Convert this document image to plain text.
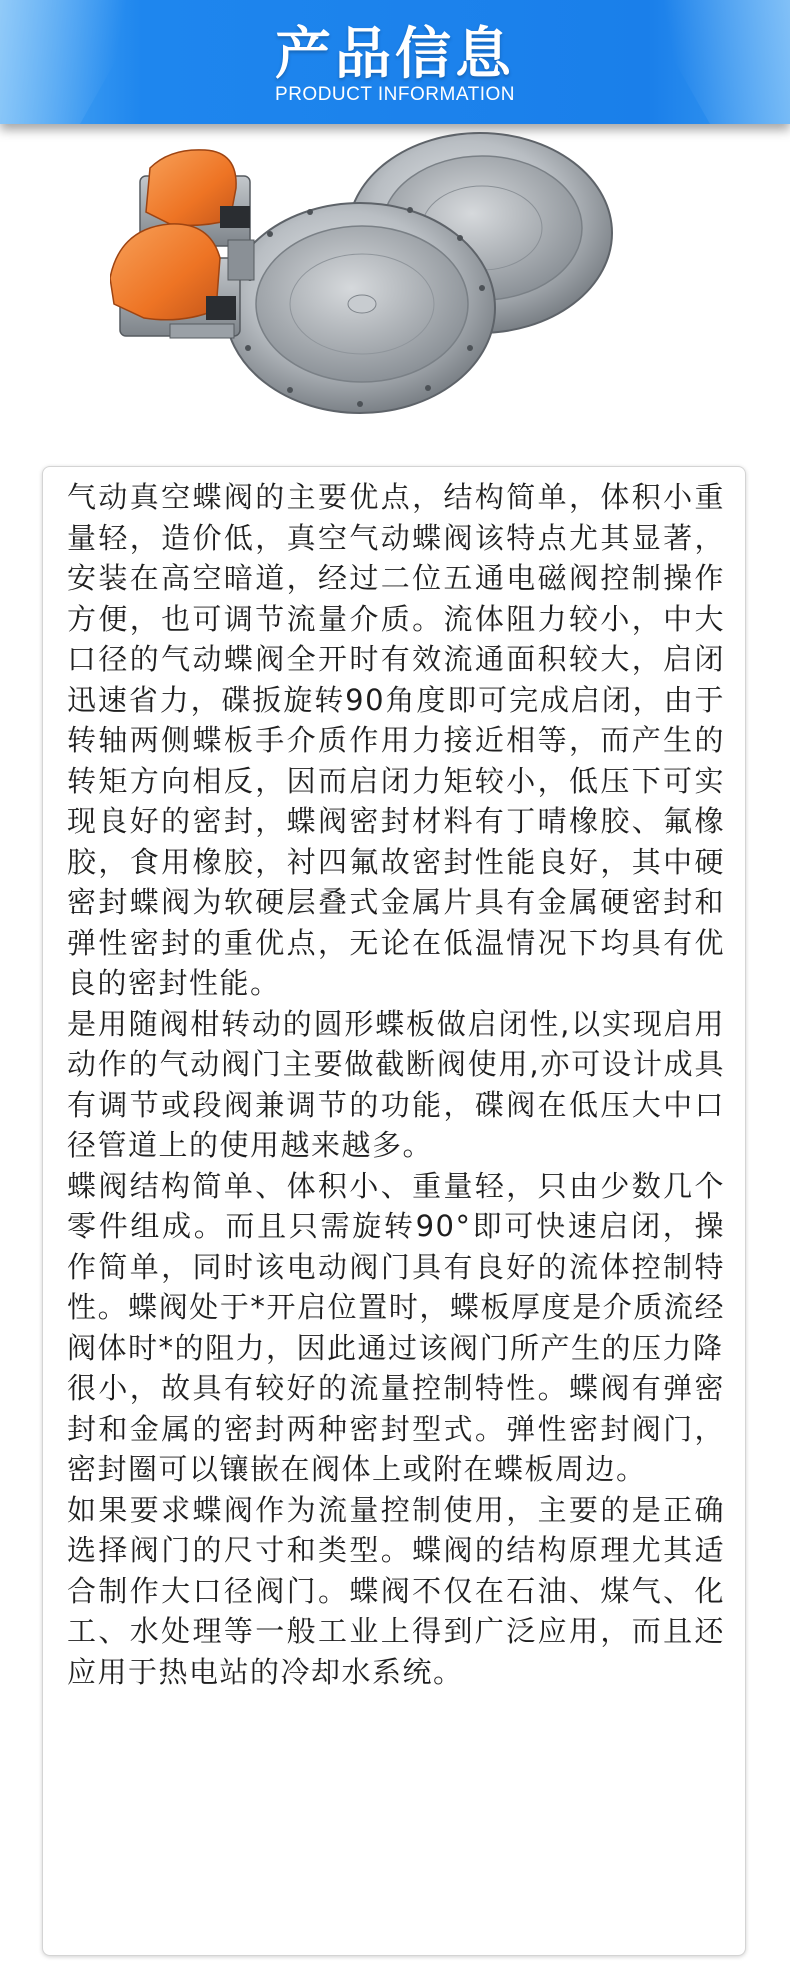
产品信息
PRODUCT INFORMATION

气动真空蝶阀的主要优点，结构简单，体积小重量轻，造价低，真空气动蝶阀该特点尤其显著，安装在高空暗道，经过二位五通电磁阀控制操作方便，也可调节流量介质。流体阻力较小，中大口径的气动蝶阀全开时有效流通面积较大，启闭迅速省力，碟扳旋转90角度即可完成启闭，由于转轴两侧蝶板手介质作用力接近相等，而产生的转矩方向相反，因而启闭力矩较小，低压下可实现良好的密封，蝶阀密封材料有丁晴橡胶、氟橡胶，食用橡胶，衬四氟故密封性能良好，其中硬密封蝶阀为软硬层叠式金属片具有金属硬密封和弹性密封的重优点，无论在低温情况下均具有优良的密封性能。

是用随阀柑转动的圆形蝶板做启闭性,以实现启用动作的气动阀门主要做截断阀使用,亦可设计成具有调节或段阀兼调节的功能，碟阀在低压大中口径管道上的使用越来越多。

蝶阀结构简单、体积小、重量轻，只由少数几个零件组成。而且只需旋转90°即可快速启闭，操作简单，同时该电动阀门具有良好的流体控制特性。蝶阀处于*开启位置时，蝶板厚度是介质流经阀体时*的阻力，因此通过该阀门所产生的压力降

很小，故具有较好的流量控制特性。蝶阀有弹密封和金属的密封两种密封型式。弹性密封阀门，密封圈可以镶嵌在阀体上或附在蝶板周边。

如果要求蝶阀作为流量控制使用，主要的是正确选择阀门的尺寸和类型。蝶阀的结构原理尤其适合制作大口径阀门。蝶阀不仅在石油、煤气、化工、水处理等一般工业上得到广泛应用，而且还应用于热电站的冷却水系统。
